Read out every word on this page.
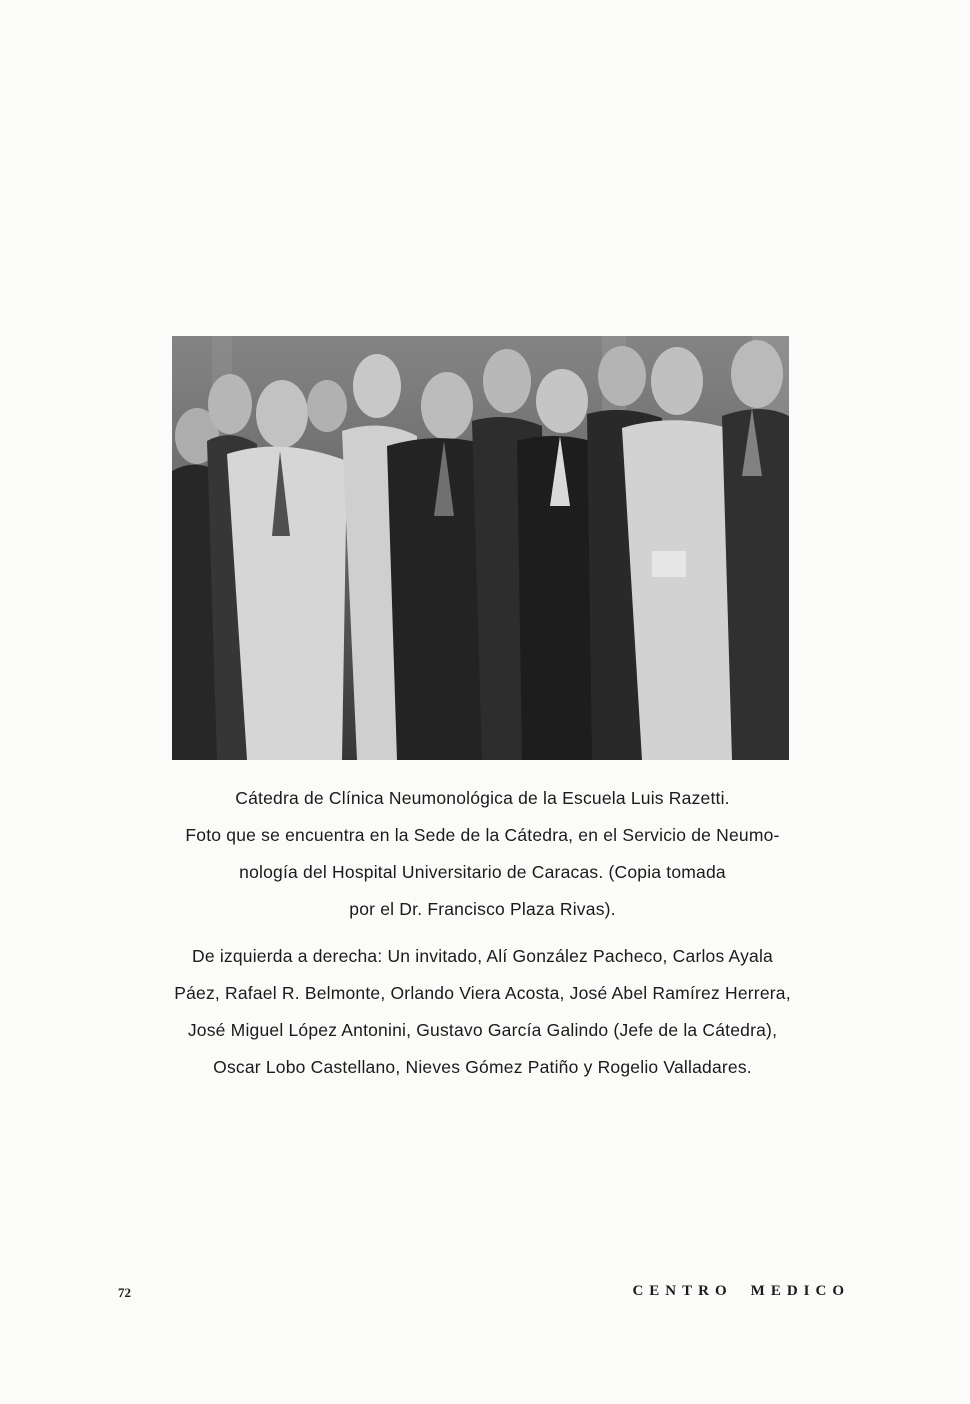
Cátedra de Clínica Neumonológica de la Escuela Luis Razetti.
Foto que se encuentra en la Sede de la Cátedra, en el Servicio de Neumo-
nología del Hospital Universitario de Caracas. (Copia tomada
por el Dr. Francisco Plaza Rivas).

De izquierda a derecha: Un invitado, Alí González Pacheco, Carlos Ayala
Páez, Rafael R. Belmonte, Orlando Viera Acosta, José Abel Ramírez Herrera,
José Miguel López Antonini, Gustavo García Galindo (Jefe de la Cátedra),
Oscar Lobo Castellano, Nieves Gómez Patiño y Rogelio Valladares.

72	CENTRO MEDICO
